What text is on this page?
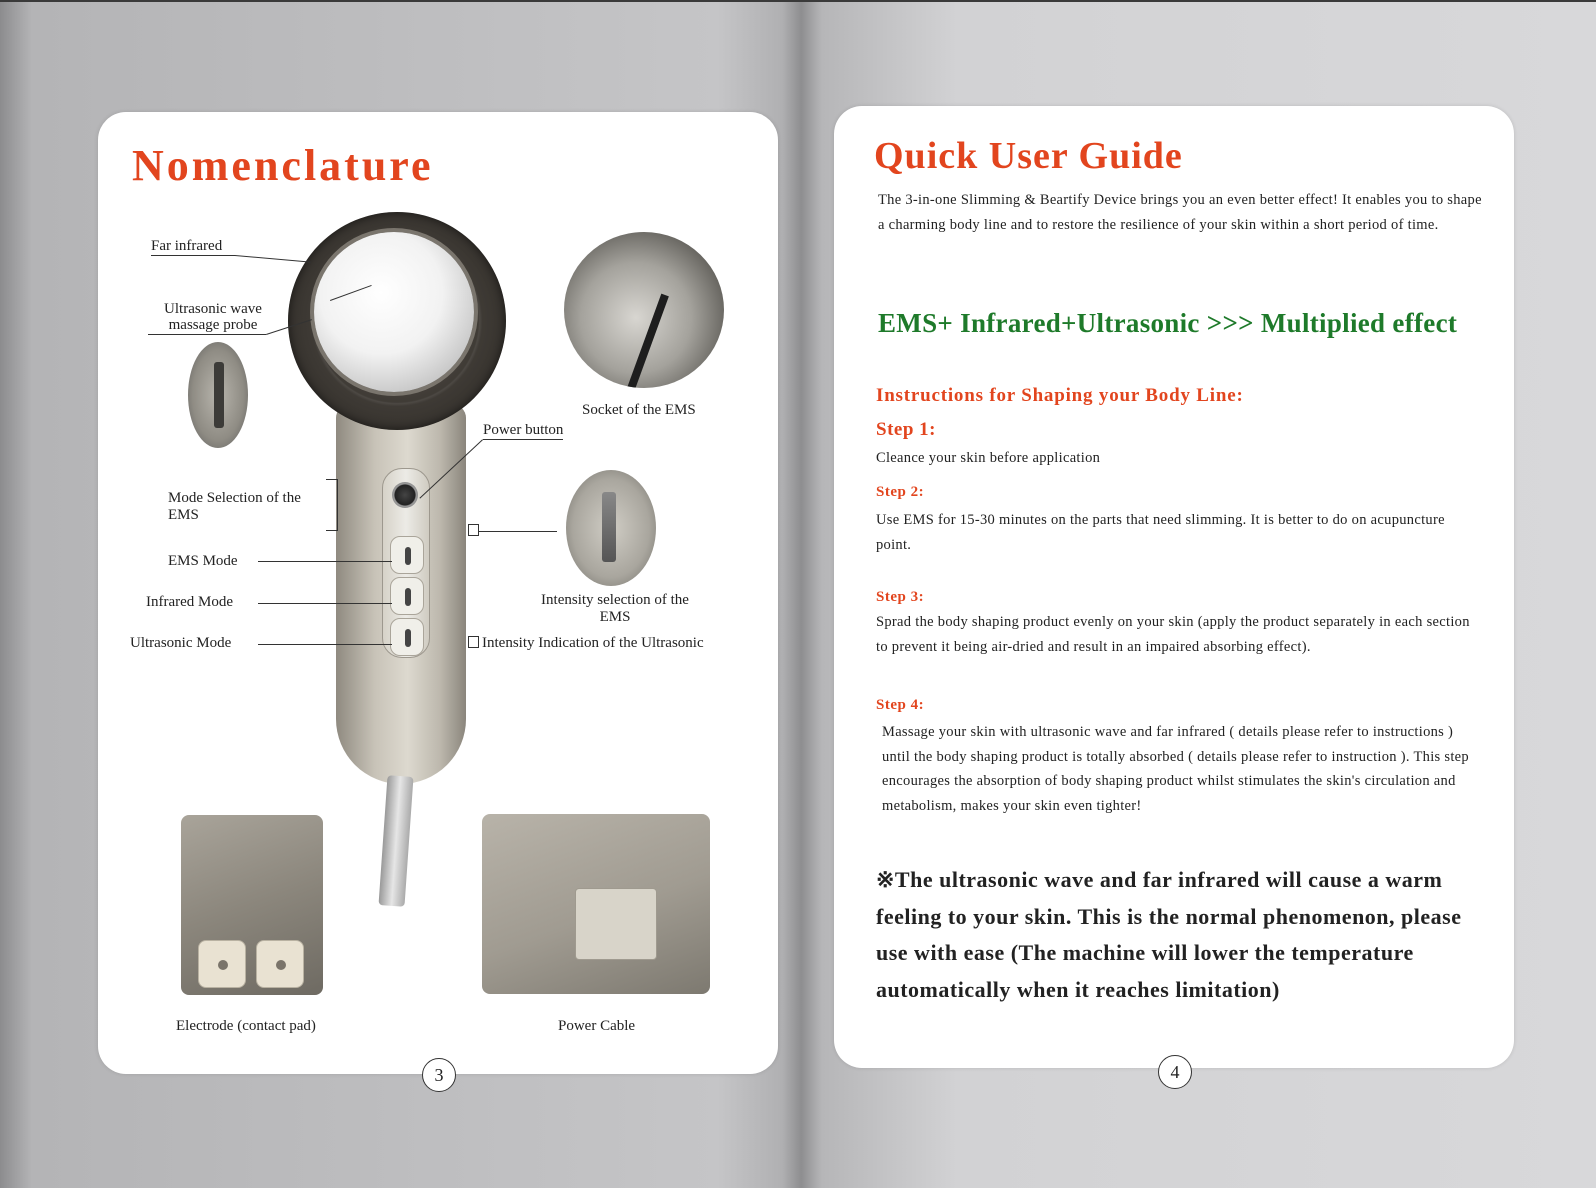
Nomenclature
Far infrared
Ultrasonic wave massage probe
Socket of the EMS
Power button
Mode Selection of the EMS
EMS Mode
Infrared Mode
Ultrasonic Mode
Intensity selection of the EMS
Intensity Indication of the Ultrasonic
Electrode (contact pad)	Power Cable
3
Quick User Guide
The 3-in-one Slimming & Beartify Device brings you an even better effect! It enables you to shape a charming body line and to restore the resilience of your skin within a short period of time.
EMS+ Infrared+Ultrasonic >>> Multiplied effect
Instructions for Shaping your Body Line:
Step 1:
Cleance your skin before application
Step 2:
Use EMS for 15-30 minutes on the parts that need slimming. It is better to do on acupuncture point.
Step 3:
Sprad the body shaping product evenly on your skin (apply the product separately in each section to prevent it being air-dried and result in an impaired absorbing effect).
Step 4:
Massage your skin with ultrasonic wave and far infrared ( details please refer to instructions ) until the body shaping product is totally absorbed ( details please refer to instruction ). This step encourages the absorption of body shaping product whilst stimulates the skin's circulation and metabolism, makes your skin even tighter!
※The ultrasonic wave and far infrared will cause a warm feeling to your skin. This is the normal phenomenon, please use with ease (The machine will lower the temperature automatically when it reaches limitation)
4
